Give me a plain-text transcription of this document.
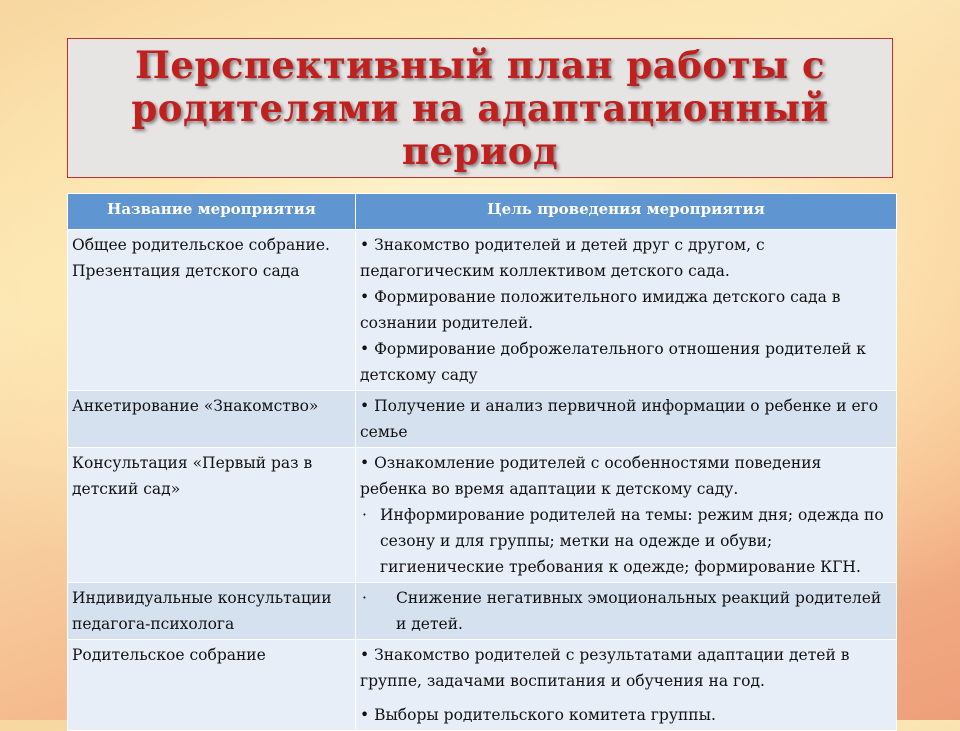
Перспективный план работы с
родителями на адаптационный
период
Название мероприятия	Цель проведения мероприятия
Общее родительское собрание. Презентация детского сада	• Знакомство родителей и детей друг с другом, с педагогическим коллективом детского сада.
• Формирование положительного имиджа детского сада в сознании родителей.
• Формирование доброжелательного отношения родителей к детскому саду

Анкетирование «Знакомство»	• Получение и анализ первичной информации о ребенке и его семье

Консультация «Первый раз в детский сад»	• Ознакомление родителей с особенностями поведения ребенка во время адаптации к детскому саду.
· Информирование родителей на темы: режим дня; одежда по сезону и для группы; метки на одежде и обуви; гигиенические требования к одежде; формирование КГН.

Индивидуальные консультации педагога-психолога	· Снижение негативных эмоциональных реакций родителей и детей.

Родительское собрание	• Знакомство родителей с результатами адаптации детей в группе, задачами воспитания и обучения на год.
• Выборы родительского комитета группы.
